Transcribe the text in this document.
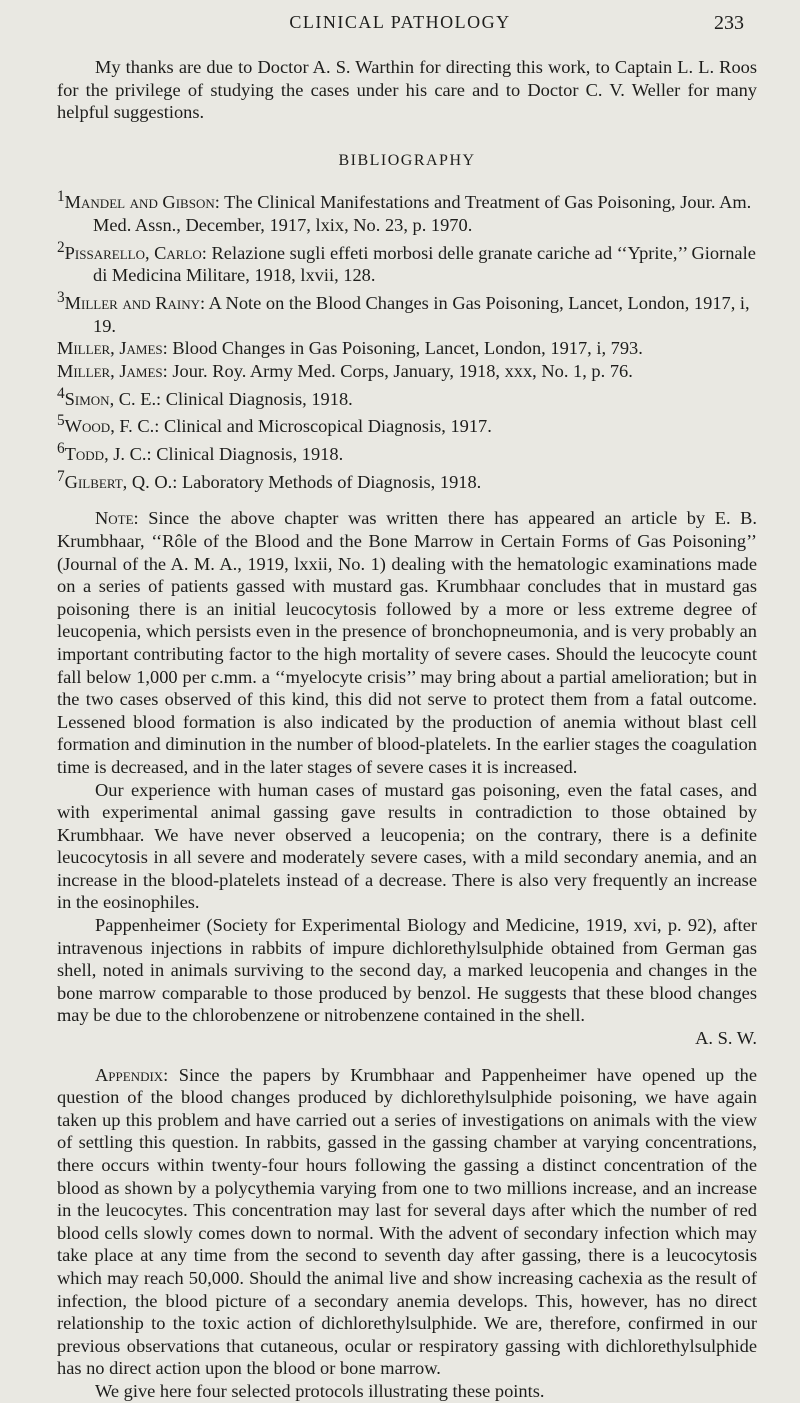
CLINICAL PATHOLOGY	233

My thanks are due to Doctor A. S. Warthin for directing this work, to Captain L. L. Roos for the privilege of studying the cases under his care and to Doctor C. V. Weller for many helpful suggestions.

BIBLIOGRAPHY

$^1$Mandel and Gibson: The Clinical Manifestations and Treatment of Gas Poisoning, Jour. Am. Med. Assn., December, 1917, lxix, No. 23, p. 1970.

$^2$Pissarello, Carlo: Relazione sugli effeti morbosi delle granate cariche ad ‘‘Yprite,’’ Giornale di Medicina Militare, 1918, lxvii, 128.

$^3$Miller and Rainy: A Note on the Blood Changes in Gas Poisoning, Lancet, London, 1917, i, 19.

Miller, James: Blood Changes in Gas Poisoning, Lancet, London, 1917, i, 793.

Miller, James: Jour. Roy. Army Med. Corps, January, 1918, xxx, No. 1, p. 76.

$^4$Simon, C. E.: Clinical Diagnosis, 1918.

$^5$Wood, F. C.: Clinical and Microscopical Diagnosis, 1917.

$^6$Todd, J. C.: Clinical Diagnosis, 1918.

$^7$Gilbert, Q. O.: Laboratory Methods of Diagnosis, 1918.

Note: Since the above chapter was written there has appeared an article by E. B. Krumbhaar, ‘‘Rôle of the Blood and the Bone Marrow in Certain Forms of Gas Poisoning’’ (Journal of the A. M. A., 1919, lxxii, No. 1) dealing with the hematologic examinations made on a series of patients gassed with mustard gas. Krumbhaar concludes that in mustard gas poisoning there is an initial leucocytosis followed by a more or less extreme degree of leucopenia, which persists even in the presence of bronchopneumonia, and is very probably an important contributing factor to the high mortality of severe cases. Should the leucocyte count fall below 1,000 per c.mm. a ‘‘myelocyte crisis’’ may bring about a partial amelioration; but in the two cases observed of this kind, this did not serve to protect them from a fatal outcome. Lessened blood formation is also indicated by the production of anemia without blast cell formation and diminution in the number of blood-platelets. In the earlier stages the coagulation time is decreased, and in the later stages of severe cases it is increased.

Our experience with human cases of mustard gas poisoning, even the fatal cases, and with experimental animal gassing gave results in contradiction to those obtained by Krumbhaar. We have never observed a leucopenia; on the contrary, there is a definite leucocytosis in all severe and moderately severe cases, with a mild secondary anemia, and an increase in the blood-platelets instead of a decrease. There is also very frequently an increase in the eosinophiles.

Pappenheimer (Society for Experimental Biology and Medicine, 1919, xvi, p. 92), after intravenous injections in rabbits of impure dichlorethylsulphide obtained from German gas shell, noted in animals surviving to the second day, a marked leucopenia and changes in the bone marrow comparable to those produced by benzol. He suggests that these blood changes may be due to the chlorobenzene or nitrobenzene contained in the shell.

A. S. W.

Appendix: Since the papers by Krumbhaar and Pappenheimer have opened up the question of the blood changes produced by dichlorethylsulphide poisoning, we have again taken up this problem and have carried out a series of investigations on animals with the view of settling this question. In rabbits, gassed in the gassing chamber at varying concentrations, there occurs within twenty-four hours following the gassing a distinct concentration of the blood as shown by a polycythemia varying from one to two millions increase, and an increase in the leucocytes. This concentration may last for several days after which the number of red blood cells slowly comes down to normal. With the advent of secondary infection which may take place at any time from the second to seventh day after gassing, there is a leucocytosis which may reach 50,000. Should the animal live and show increasing cachexia as the result of infection, the blood picture of a secondary anemia develops. This, however, has no direct relationship to the toxic action of dichlorethylsulphide. We are, therefore, confirmed in our previous observations that cutaneous, ocular or respiratory gassing with dichlorethylsulphide has no direct action upon the blood or bone marrow.

We give here four selected protocols illustrating these points.
